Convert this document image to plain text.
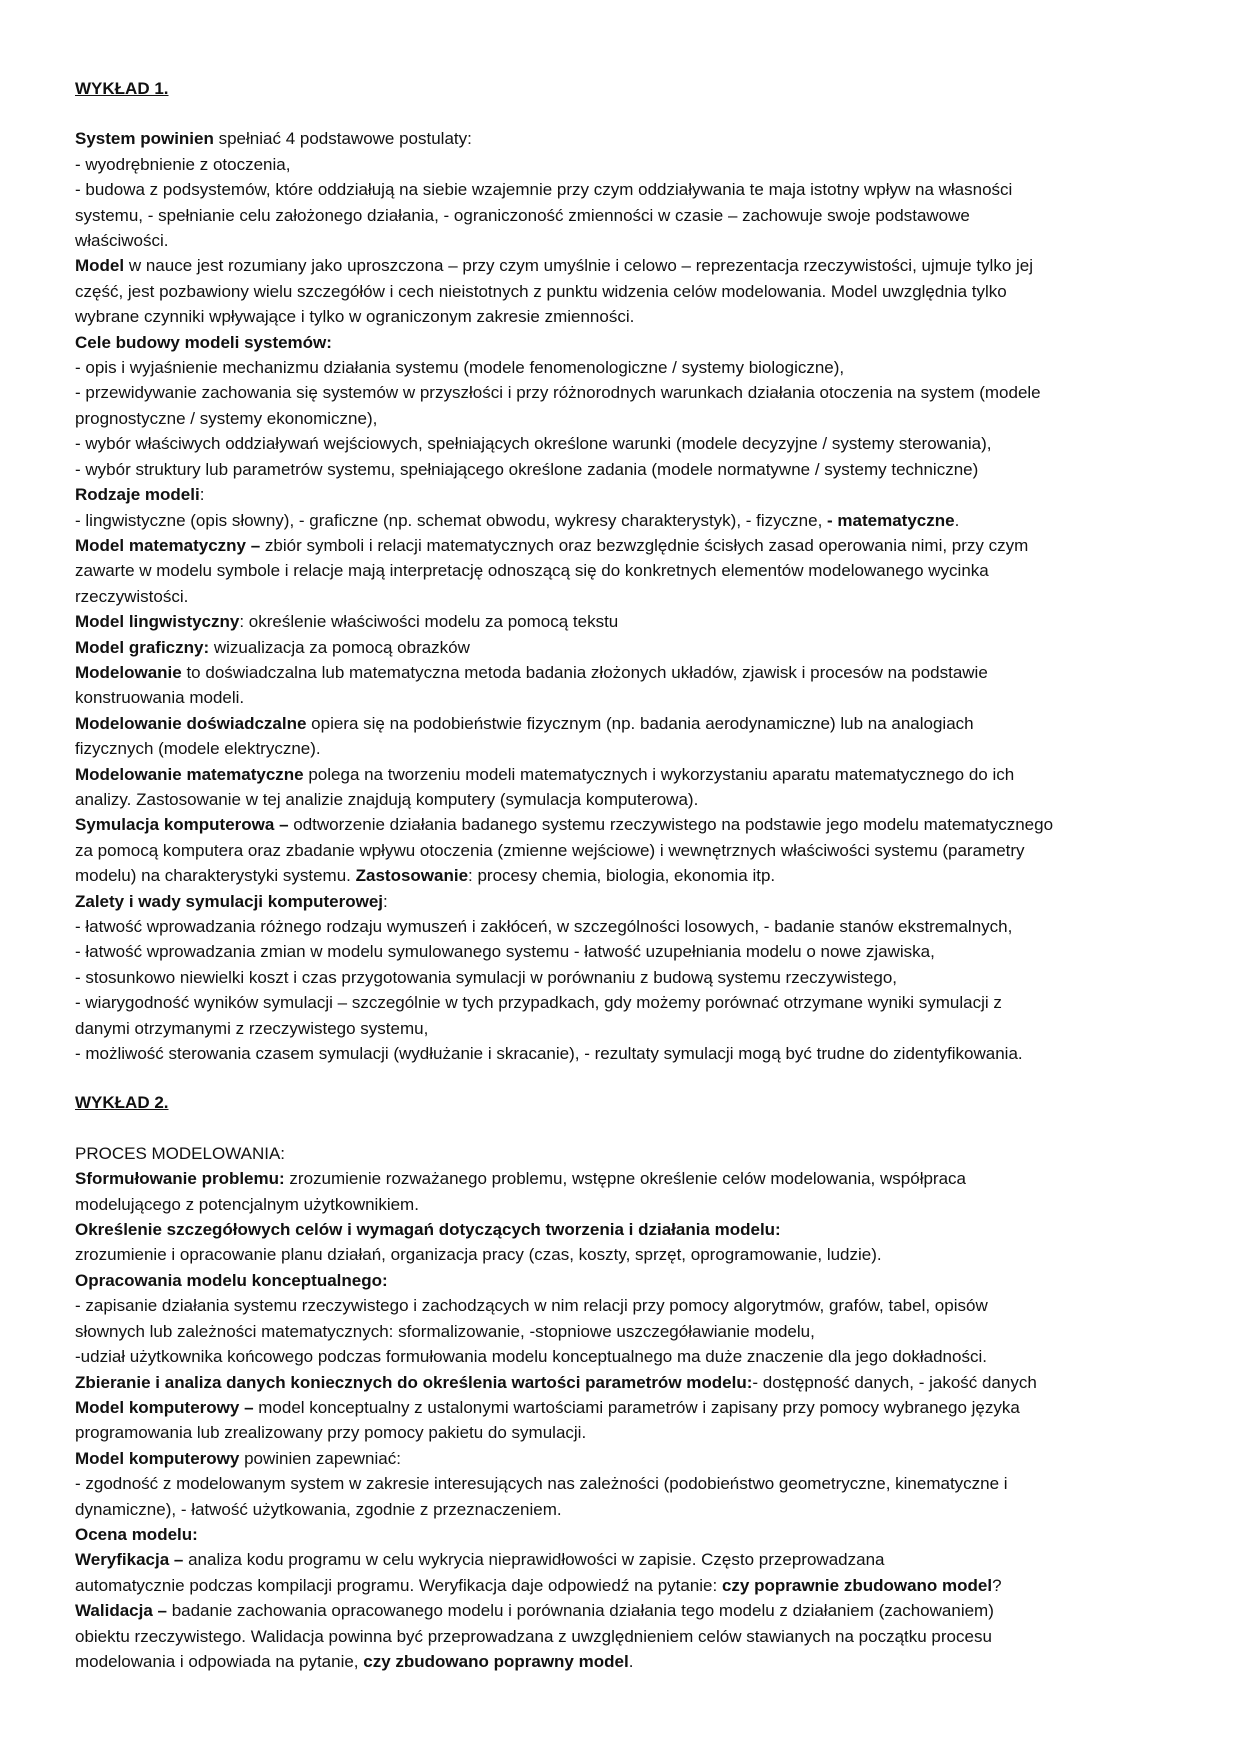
WYKŁAD 1.

System powinien spełniać 4 podstawowe postulaty:

- wyodrębnienie z otoczenia,

- budowa z podsystemów, które oddziałują na siebie wzajemnie przy czym oddziaływania te maja istotny wpływ na własności

systemu, - spełnianie celu założonego działania, - ograniczoność zmienności w czasie – zachowuje swoje podstawowe

właściwości.

Model w nauce jest rozumiany jako uproszczona – przy czym umyślnie i celowo – reprezentacja rzeczywistości, ujmuje tylko jej

część, jest pozbawiony wielu szczegółów i cech nieistotnych z punktu widzenia celów modelowania. Model uwzględnia tylko

wybrane czynniki wpływające i tylko w ograniczonym zakresie zmienności.

Cele budowy modeli systemów:

- opis i wyjaśnienie mechanizmu działania systemu (modele fenomenologiczne / systemy biologiczne),

- przewidywanie zachowania się systemów w przyszłości i przy różnorodnych warunkach działania otoczenia na system (modele

prognostyczne / systemy ekonomiczne),

- wybór właściwych oddziaływań wejściowych, spełniających określone warunki (modele decyzyjne / systemy sterowania),

- wybór struktury lub parametrów systemu, spełniającego określone zadania (modele normatywne / systemy techniczne)

Rodzaje modeli:

- lingwistyczne (opis słowny), - graficzne (np. schemat obwodu, wykresy charakterystyk), - fizyczne, - matematyczne.

Model matematyczny – zbiór symboli i relacji matematycznych oraz bezwzględnie ścisłych zasad operowania nimi, przy czym

zawarte w modelu symbole i relacje mają interpretację odnoszącą się do konkretnych elementów modelowanego wycinka

rzeczywistości.

Model lingwistyczny: określenie właściwości modelu za pomocą tekstu

Model graficzny: wizualizacja za pomocą obrazków

Modelowanie to doświadczalna lub matematyczna metoda badania złożonych układów, zjawisk i procesów na podstawie

konstruowania modeli.

Modelowanie doświadczalne opiera się na podobieństwie fizycznym (np. badania aerodynamiczne) lub na analogiach

fizycznych (modele elektryczne).

Modelowanie matematyczne polega na tworzeniu modeli matematycznych i wykorzystaniu aparatu matematycznego do ich

analizy. Zastosowanie w tej analizie znajdują komputery (symulacja komputerowa).

Symulacja komputerowa – odtworzenie działania badanego systemu rzeczywistego na podstawie jego modelu matematycznego

za pomocą komputera oraz zbadanie wpływu otoczenia (zmienne wejściowe) i wewnętrznych właściwości systemu (parametry

modelu) na charakterystyki systemu. Zastosowanie: procesy chemia, biologia, ekonomia itp.

Zalety i wady symulacji komputerowej:

- łatwość wprowadzania różnego rodzaju wymuszeń i zakłóceń, w szczególności losowych, - badanie stanów ekstremalnych,

- łatwość wprowadzania zmian w modelu symulowanego systemu - łatwość uzupełniania modelu o nowe zjawiska,

- stosunkowo niewielki koszt i czas przygotowania symulacji w porównaniu z budową systemu rzeczywistego,

- wiarygodność wyników symulacji – szczególnie w tych przypadkach, gdy możemy porównać otrzymane wyniki symulacji z

danymi otrzymanymi z rzeczywistego systemu,

- możliwość sterowania czasem symulacji (wydłużanie i skracanie), - rezultaty symulacji mogą być trudne do zidentyfikowania.

WYKŁAD 2.

PROCES MODELOWANIA:

Sformułowanie problemu: zrozumienie rozważanego problemu, wstępne określenie celów modelowania, współpraca

modelującego z potencjalnym użytkownikiem.

Określenie szczegółowych celów i wymagań dotyczących tworzenia i działania modelu:

zrozumienie i opracowanie planu działań, organizacja pracy (czas, koszty, sprzęt, oprogramowanie, ludzie).

Opracowania modelu konceptualnego:

- zapisanie działania systemu rzeczywistego i zachodzących w nim relacji przy pomocy algorytmów, grafów, tabel, opisów

słownych lub zależności matematycznych: sformalizowanie, -stopniowe uszczegóławianie modelu,

-udział użytkownika końcowego podczas formułowania modelu konceptualnego ma duże znaczenie dla jego dokładności.

Zbieranie i analiza danych koniecznych do określenia wartości parametrów modelu:- dostępność danych, - jakość danych

Model komputerowy – model konceptualny z ustalonymi wartościami parametrów i zapisany przy pomocy wybranego języka

programowania lub zrealizowany przy pomocy pakietu do symulacji.

Model komputerowy powinien zapewniać:

- zgodność z modelowanym system w zakresie interesujących nas zależności (podobieństwo geometryczne, kinematyczne i

dynamiczne), - łatwość użytkowania, zgodnie z przeznaczeniem.

Ocena modelu:

Weryfikacja – analiza kodu programu w celu wykrycia nieprawidłowości w zapisie. Często przeprowadzana

automatycznie podczas kompilacji programu. Weryfikacja daje odpowiedź na pytanie: czy poprawnie zbudowano model?

Walidacja – badanie zachowania opracowanego modelu i porównania działania tego modelu z działaniem (zachowaniem)

obiektu rzeczywistego. Walidacja powinna być przeprowadzana z uwzględnieniem celów stawianych na początku procesu

modelowania i odpowiada na pytanie, czy zbudowano poprawny model.
